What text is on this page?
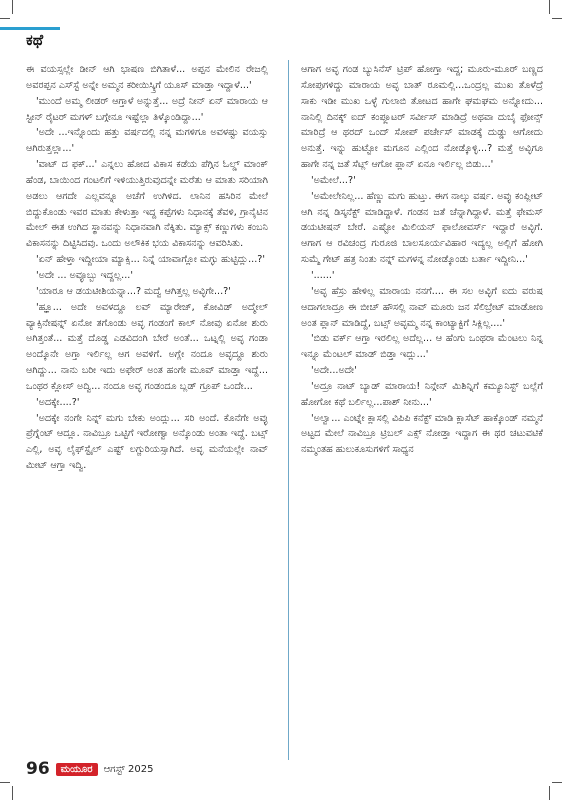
ಕಥೆ

ಈ ವಯಸ್ಸಲ್ಲೇ ಡೀನ್ ಆಗಿ ಭಾಷಣ ಬಿಗಿತಾಳೆ... ಅಪ್ಪನ ಮೇಲಿನ ರೇಜಲ್ಲಿ ಅವರಪ್ಪನ ಎಸ್‌ಸ್ಟೆ ಅನ್ನೇ ಅಮ್ಮನ ಕರೀಯಿಸ್ಕ್ರಿಗೆ ಯೂಸ್ ಮಾಡ್ತಾ ಇದ್ದಾಳೆ...'

'ಮುಂದೆ ಅಮ್ಮ ಲೀಡರ್ ಆಗ್ತಾಳೆ ಅನ್ನುತ್ತೆ... ಅದ್ರೆ ನೀನ್ ಏನ್ ಮಾರಾಯ ಆ ಸ್ಟೀನ್ ರೈಟರ್ ಮಗಳ್ ಬಗ್ಗೇನೂ ಇಷ್ಟೆಲ್ಲಾ ತಿಳ್ಕೊಂಡಿದ್ದಾ...'

'ಅದೇ ...ಇನ್ನೊಂದು ಹತ್ತು ವರ್ಷದಲ್ಲಿ ನನ್ನ ಮಗಳಿಗೂ ಅವಳಷ್ಟು ವಯಸ್ಸು ಆಗಿರುತ್ತಲ್ಲಾ...'

'ವಾಟ್ ದ ಫಕ್...' ಎನ್ನಲು ಹೋದ ವಿಕಾಸ ಕಡೆಯ ಪೆಗ್ಗಿನ ಓಲ್ಡ್ ಮಾಂಕ್ ಹೆಂಡ, ಬಾಯಿಂದ ಗಂಟಲಿಗೆ ಇಳಿಯುತ್ತಿರುವುದನ್ನೇ ಮರೆತು ಆ ಮಾತು ಸರಿಯಾಗಿ ಅಡಲು ಆಗದೇ ಎಲ್ಲವನ್ನೂ ಅಚೆಗೆ ಉಗಿಳಿದ. ಲಾನಿನ ಹಸಿರಿನ ಮೇಲೆ ಬಿದ್ದುಕೊಂಡು ಇವರ ಮಾತು ಕೇಳುತ್ತಾ ಇದ್ದ ಕಪ್ಪೆಗಳು ನಿಧಾನಕ್ಕೆ ತೆವಳಿ, ಗ್ರಾನೈಟಿನ ಮೇಲ್ ಈತ ಉಗಿದ ಸ್ಥಾನವನ್ನು ನಿಧಾನವಾಗಿ ನೆಕ್ಕಿತು. ಮ್ಯಾಕ್ಸ್ ಕಣ್ಣುಗಳು ಕಂಬನಿ ವಿಕಾಸನನ್ನು ದಿಟ್ಟಿಸಿದವು. ಒಂದು ಅಲೌಕಿಕ ಭಯ ವಿಕಾಸನನ್ನು ಆವರಿಸಿತು.

'ಏನ್ ಹೇಳ್ತಾ ಇದ್ದೀಯಾ ಮ್ಯಾಕ್ಸಿ... ನಿನ್ನೆ ಯಾವಾಗ್ಲೋ ಮಗ್ಳು ಹುಟ್ಟಿದ್ಲು...?'

'ಅದೇ ... ಅವ್ಳೂಬ್ಬು ಇದ್ದಲ್ಲ...'

'ಯಾರೂ ಆ ಡಯಟೀಶಿಯನ್ನಾ...? ಮದ್ವೆ ಆಗಿತ್ತಲ್ಲ ಅವ್ಳಿಗೇ...?'

'ಹ್ಞೂ... ಅದೇ ಅವಳದ್ದೂ ಲವ್ ಮ್ಯಾರೇಜ್, ಕೋವಿಡ್ ಅದ್ಮೇಲ್ ವ್ಯಾಕ್ಸಿನೇಷನ್ನ್ ಏನೋ ತಗೊಂಡು ಅವ್ಳ ಗಂಡಂಗೆ ಕಾಲ್ ನೋವು ಏನೋ ಶುರು ಅಗಿತ್ತಂತೆ... ಮತ್ತೆ ದೊಡ್ಡ ಎಡವಿದಂಗಿ ಬೇರೆ ಅಂತೆ... ಒಟ್ನಲ್ಲಿ ಅವ್ಳ ಗಂಡಾ ಅಂದ್ಕೊನೇ ಅಗ್ತಾ ಇರ್ಲಿಲ್ಲ ಆಗ ಅವಳಿಗೆ. ಅಗ್ಲೇ ನಂದೂ ಅವ್ಳದ್ದೂ ಶುರು ಆಗಿದ್ದು... ನಾನು ಬರೀ ಇದು ಅಫೇರ್ ಅಂತ ಹಂಗೇ ಮೂವ್ ಮಾಡ್ತಾ ಇದ್ದೆ... ಒಂಥರ ಕ್ಲೋಸ್ ಅದ್ವಿ... ನಂದೂ ಅವ್ಳ ಗಂಡಂದೂ ಬ್ಲಡ್ ಗ್ರೂಪ್ ಒಂದೇ...

'ಅದಕ್ಕೇ....?'

'ಅದಕ್ಕೇ ನಂಗೇ ನಿನ್ನ್ ಮಗು ಬೇಕು ಅಂದ್ಲು... ಸರಿ ಅಂದೆ. ಕೊನೆಗೇ ಅವ್ಳು ಪ್ರೆಗ್ನೆಂಟ್ ಆದ್ಲೂ. ನಾವಿಬ್ರೂ ಒಟ್ಟಿಗೆ ಇರೋಣ್ವಾ ಅನ್ಕೊಂಡು ಅಂತಾ ಇದ್ದೆ. ಬಟ್ಸ್ ಎಲ್ಲಿ, ಅವ್ಳ ಲೈಫ್‌ಸ್ಟೈಲ್ ಎಷ್ಟ್ ಲಗ್ಜುರಿಯಸ್ಸಾಗಿದೆ. ಅವ್ಳ ಮನೆಯಲ್ಲೇ ನಾವ್ ಮೀಟ್ ಆಗ್ತಾ ಇದ್ವಿ.

ಆಗಾಗ ಅವ್ಳ ಗಂಡ ಬ್ಯುಸಿನೆಸ್ ಟ್ರಿಪ್ ಹೋಗ್ತಾ ಇದ್ದ; ಮೂರು-ಮೂರ್ ಬಣ್ಣದ ಸೋಪುಗಳಿದ್ದು ಮಾರಾಯ ಅವ್ಳ ಬಾತ್ ರೂಮಲ್ಲಿ...ಒಂದ್ರಲ್ಲ ಮುಖ ತೊಳೆದ್ರೆ ಸಾಕು ಇಡೀ ಮುಖ ಒಳ್ಳೆ ಗುಲಾಬಿ ತೋಟದ ಹಾಗೇ ಘಮಘಮ ಅನ್ನೋದು... ನಾನಿಲ್ಲಿ ದಿನಕ್ಕ್ ಐದ್ ಕಂಪ್ಲೂಟರ್ ಸರ್ವೀಸ್ ಮಾಡಿದ್ರೆ ಅಥವಾ ದುಬೈ ಫೋನ್ಸ್ ಮಾರಿದ್ರೆ ಆ ಥರದ್ ಒಂದ್ ಸೋಪ್ ಪರ್ಚೇಸ್ ಮಾಡಕ್ಕೆ ದುಡ್ಡು ಆಗೋದು ಅನುತ್ತೆ. ಇನ್ನು ಹುಟ್ಟೋ ಮಗೂನ ಎಲ್ಲಿಂದ ನೋಡ್ಕೊಳ್ಳಿ...? ಮತ್ತೆ ಅವ್ಳಿಗೂ ಹಾಗೇ ನನ್ನ ಜತೆ ಸೆಟ್ಲ್ ಆಗೋ ಪ್ಲಾನ್ ಏನೂ ಇರ್ಲಿಲ್ಲ ಬಿಡು...'

'ಅಮೇಲೆ...?'

'ಅಮೇಲೇನಿಲ್ಲ... ಹೆಣ್ಣು ಮಗು ಹುಟ್ತು. ಈಗ ನಾಲ್ಕು ವರ್ಷ. ಅವ್ಳು ಕಂಪ್ಲೀಟ್ ಆಗಿ ನನ್ನ ಡಿಸ್ಕನೆಕ್ಟ್ ಮಾಡಿದ್ದಾಳೆ. ಗಂಡನ ಜತೆ ಚೆನ್ನಾಗಿದ್ದಾಳೆ. ಮತ್ತೆ ಫೇಮಸ್ ಡಯಟೀಷನ್ ಬೇರೆ. ಎಷ್ಟೋ ಮಿಲಿಯನ್ ಫಾಲೋವರ್ಸ್ ಇದ್ದಾರೆ ಅವ್ಳಿಗೆ. ಆಗಾಗ ಆ ರವಿಚಂದ್ರ ಗುರೂಜಿ ಬಾಲಸೂರ್ಯವಿಹಾರ ಇದ್ಯಲ್ಲ ಅಲ್ಲಿಗೆ ಹೋಗಿ ಸುಮ್ಮೆ ಗೇಟ್ ಹತ್ರ ನಿಂತು ನನ್ನ್ ಮಗಳನ್ನ ನೋಡ್ಕೊಂಡು ಬರ್ತಾ ಇದ್ದೀನಿ...'

'......'

'ಅವ್ಳ ಹೆಸ್ರು ಹೇಳಿಲ್ಲ ಮಾರಾಯ ನನಗೆ.... ಈ ಸಲ ಅವ್ಳಿಗೆ ಐದು ವರುಷ ಆದಾಗಲಾದ್ರೂ ಈ ಬೀಚ್ ಹೌಸಲ್ಲಿ ನಾವ್ ಮೂರು ಜನ ಸೆಲಿಬ್ರೇಟ್ ಮಾಡೋಣ ಅಂತ ಪ್ಲಾನ್ ಮಾಡಿದ್ದೆ, ಬಟ್ಸ್ ಅವ್ಳಮ್ಮ ನನ್ನ ಕಾಂಟ್ಯಾಕ್ಟಿಗೆ ಸಿಕ್ಲಿಲ್ಲ....'

'ಬಿಡು ವರ್ಕ್ ಆಗ್ತಾ ಇರಲಿಲ್ಲ ಅದೆಲ್ಲ... ಆ ಹೆಂಗು ಒಂಥರಾ ಮೆಂಟಲು ನಿನ್ನ ಇನ್ನೂ ಮೆಂಟಲ್ ಮಾಡ್ ಬಿಡ್ತಾ ಇದ್ಲು...'

'ಅದೇ...ಅದೇ'

'ಅದ್ರೂ ನಾಟ್ ಬ್ಯಾಡ್ ಮಾರಾಯ! ನಿನ್ಗೇನ್ ಮಿಶಿನ್ನಿಗೆ ಕಮ್ಯೂನಿಸ್ಟ್ ಬಲ್ಲೆಗೆ ಹೋಗೋ ಕಥೆ ಬರ್ಲಿಲ್ಲ...ಪಾಶ್ ನೀನು...'

'ಅಲ್ವಾ... ಎಂಟ್ನೇ ಕ್ಲಾಸಲ್ಲಿ ವಿಪಿಪಿ ಕನೆಕ್ಟ್ ಮಾಡಿ ಕ್ಲಾಸೆಟ್ ಹಾಕ್ಕೊಂಡ್ ನಮ್ಮನೆ ಅಟ್ಟದ ಮೇಲೆ ನಾವಿಬ್ರೂ ಟ್ರಿಬಲ್ ಎಕ್ಸ್ ನೋಡ್ತಾ ಇದ್ದಾಗ ಈ ಥರ ಚಟುವಟಿಕೆ ನಮ್ಮಂತಹ ಹುಲುಕೂಸುಗಳಿಗೆ ಸಾಧ್ಯನ

96	ಮಯೂರ	ಆಗಸ್ಟ್ 2025
